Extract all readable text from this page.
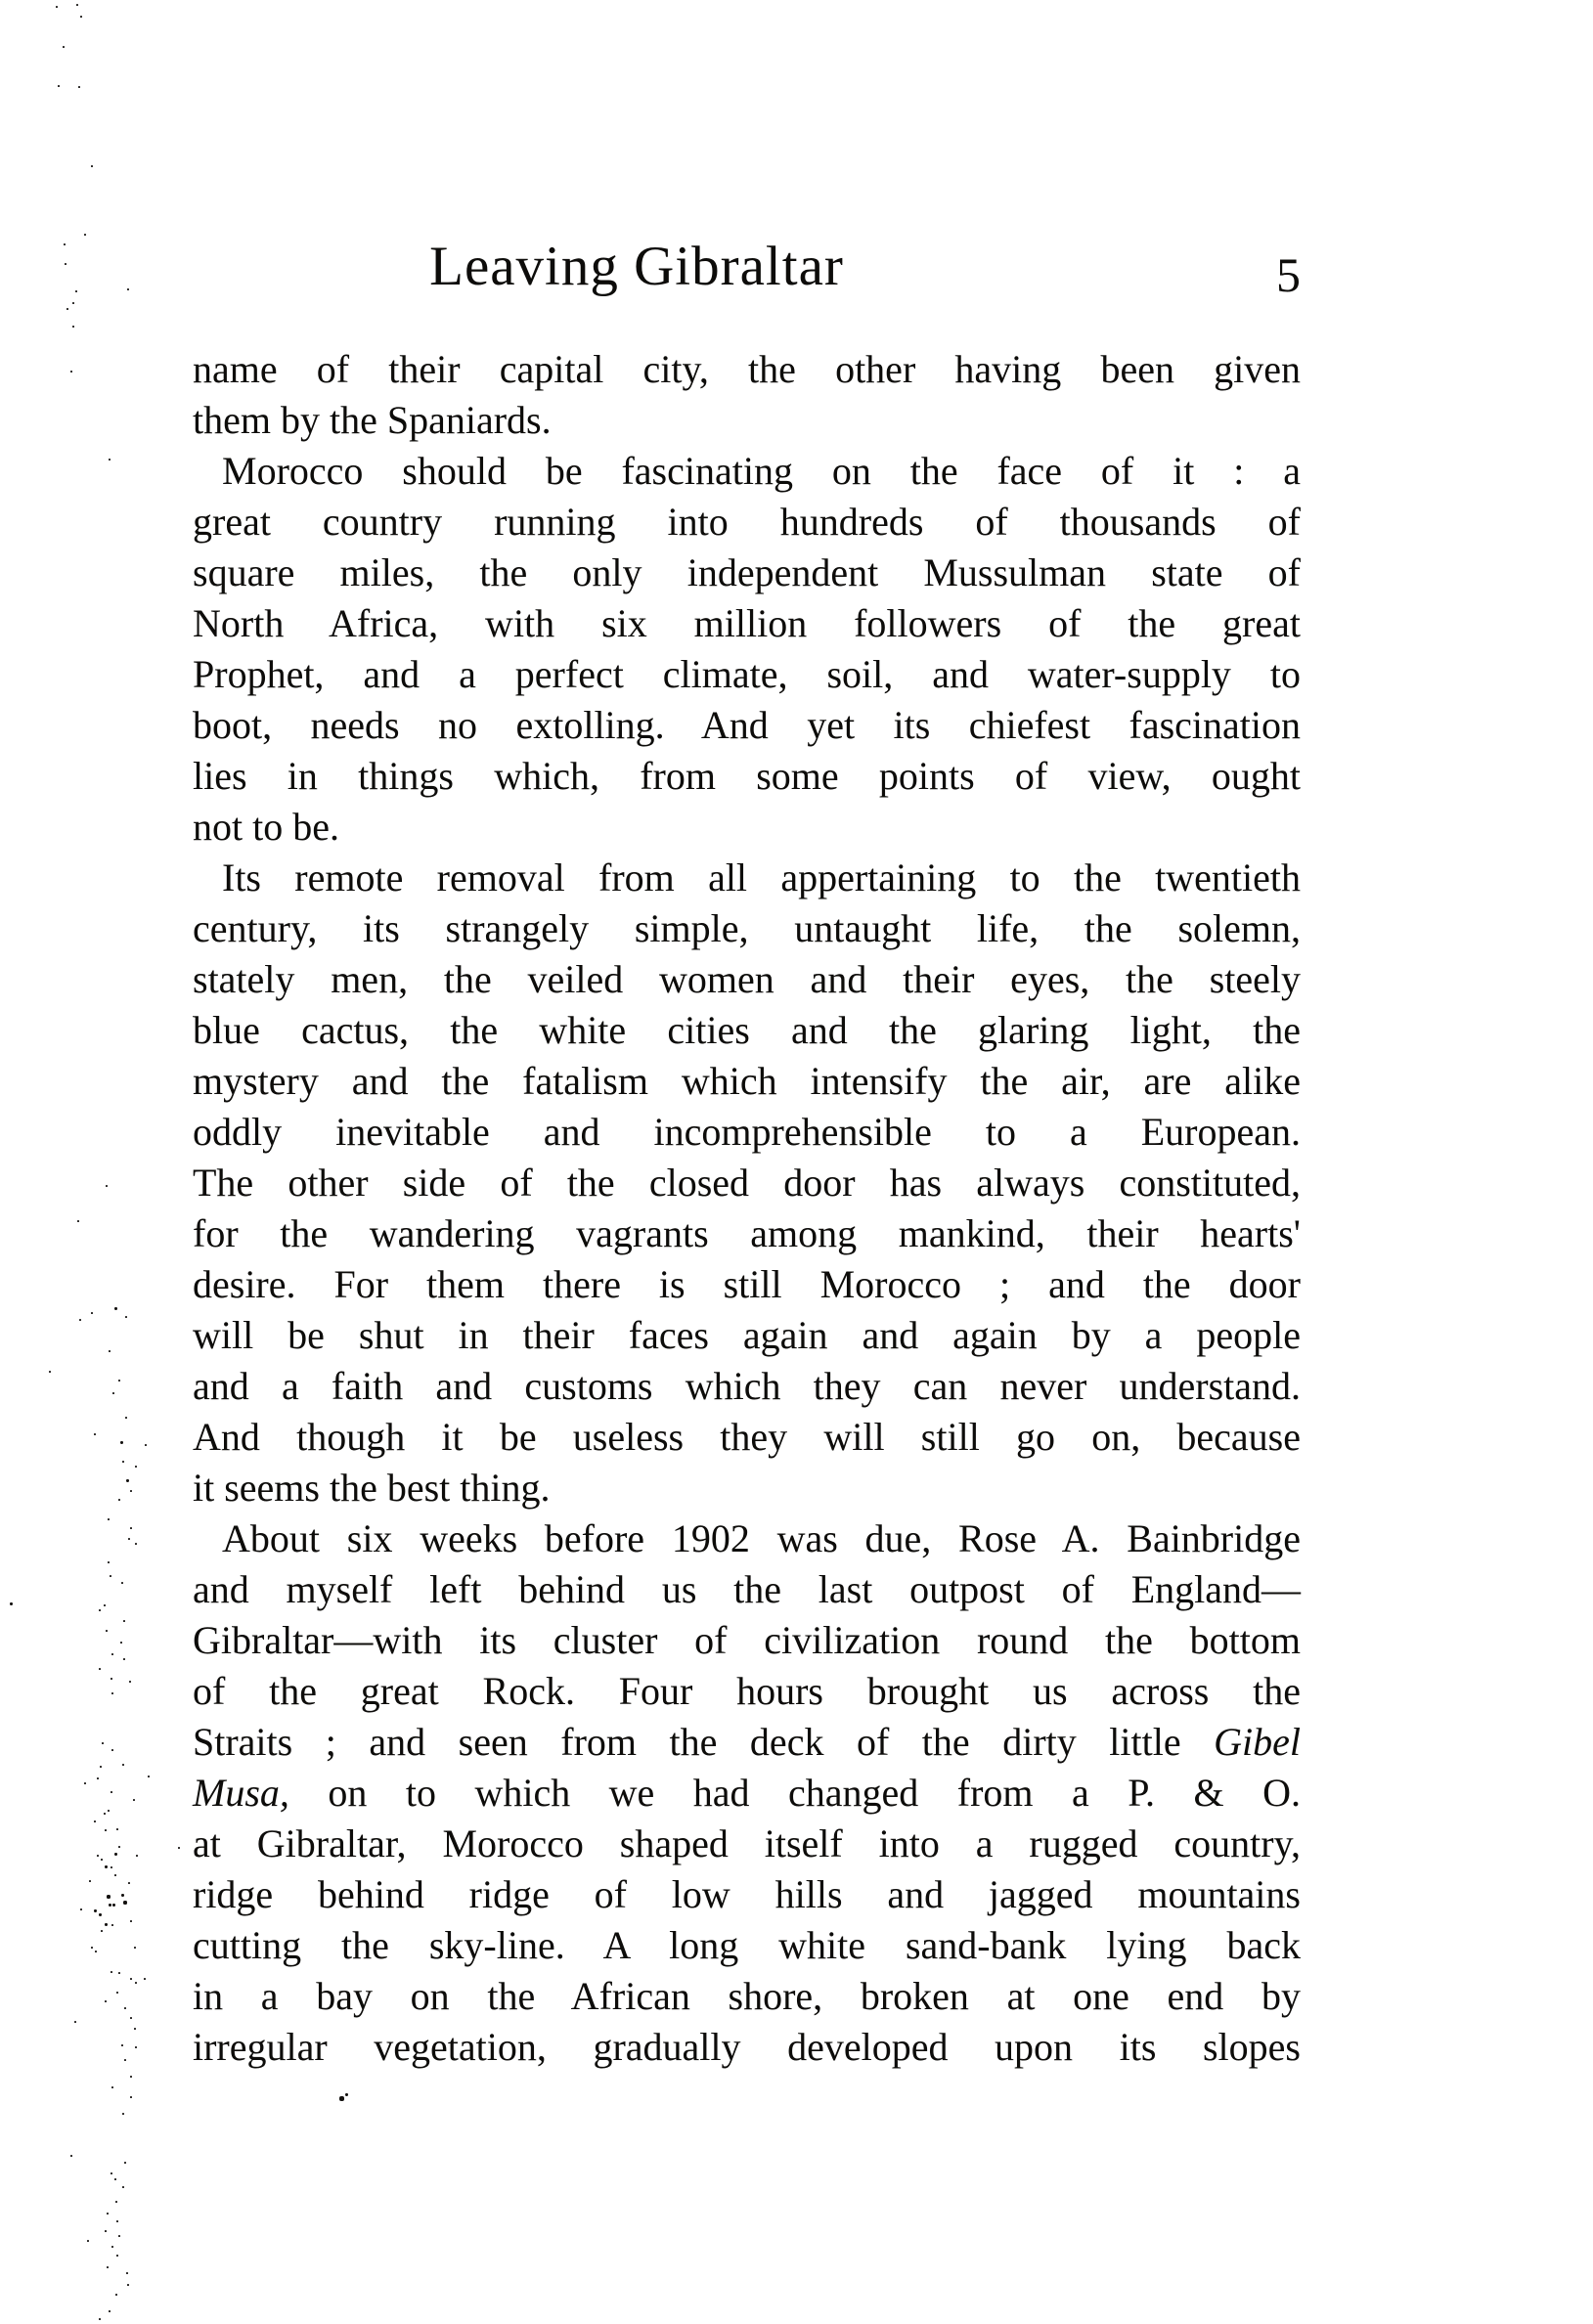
Leaving Gibraltar	5
name of their capital city, the other having been given
them by the Spaniards.
Morocco should be fascinating on the face of it : a
great country running into hundreds of thousands of
square miles, the only independent Mussulman state of
North Africa, with six million followers of the great
Prophet, and a perfect climate, soil, and water-supply to
boot, needs no extolling. And yet its chiefest fascination
lies in things which, from some points of view, ought
not to be.
Its remote removal from all appertaining to the twentieth
century, its strangely simple, untaught life, the solemn,
stately men, the veiled women and their eyes, the steely
blue cactus, the white cities and the glaring light, the
mystery and the fatalism which intensify the air, are alike
oddly inevitable and incomprehensible to a European.
The other side of the closed door has always constituted,
for the wandering vagrants among mankind, their hearts'
desire. For them there is still Morocco ; and the door
will be shut in their faces again and again by a people
and a faith and customs which they can never understand.
And though it be useless they will still go on, because
it seems the best thing.
About six weeks before 1902 was due, Rose A. Bainbridge
and myself left behind us the last outpost of England—
Gibraltar—with its cluster of civilization round the bottom
of the great Rock. Four hours brought us across the
Straits ; and seen from the deck of the dirty little Gibel
Musa, on to which we had changed from a P. & O.
at Gibraltar, Morocco shaped itself into a rugged country,
ridge behind ridge of low hills and jagged mountains
cutting the sky-line. A long white sand-bank lying back
in a bay on the African shore, broken at one end by
irregular vegetation, gradually developed upon its slopes
